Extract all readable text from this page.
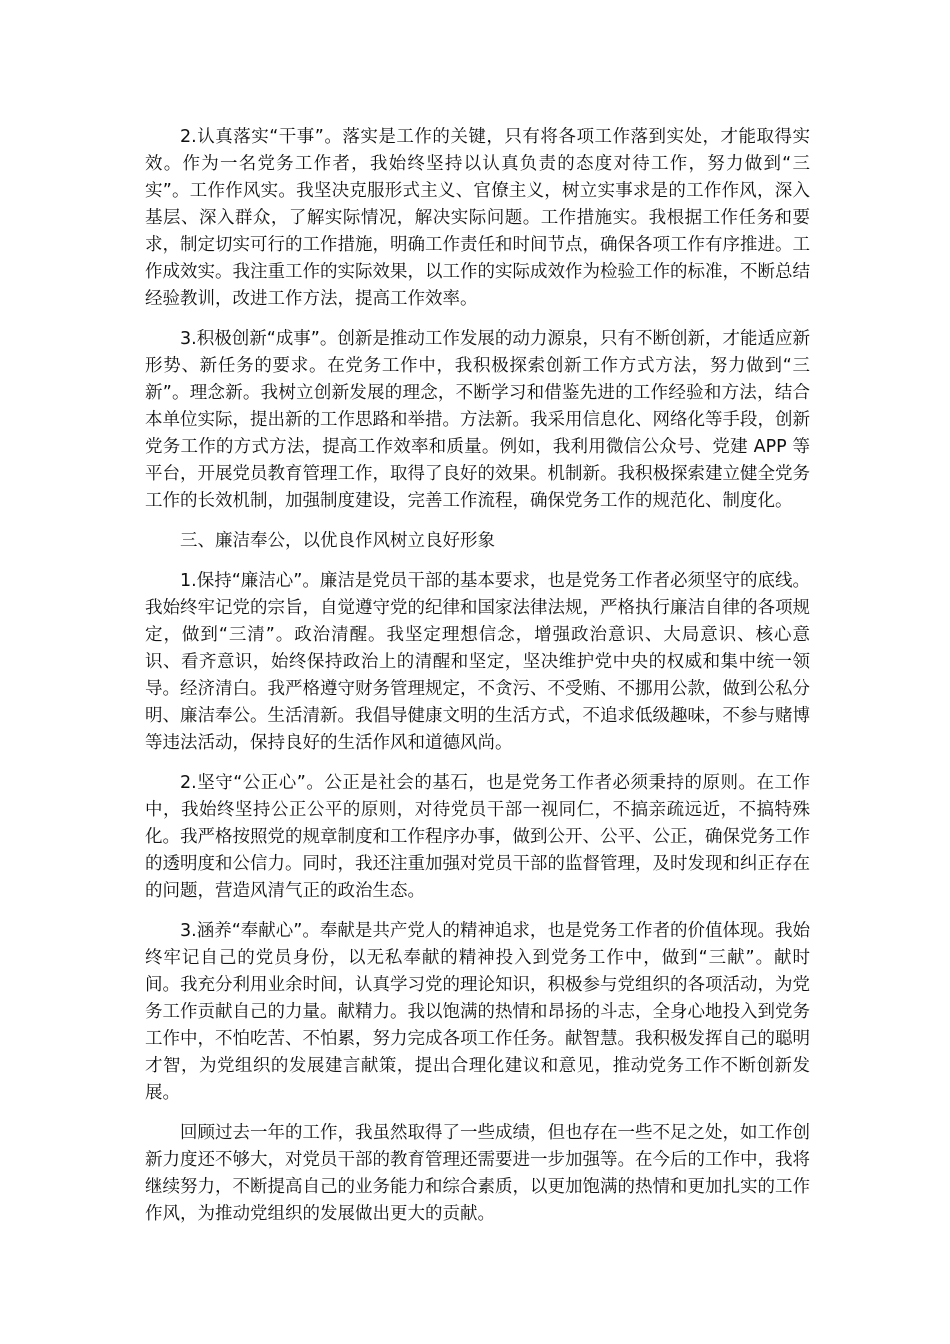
2.认真落实“干事”。落实是工作的关键，只有将各项工作落到实处，才能取得实效。作为一名党务工作者，我始终坚持以认真负责的态度对待工作，努力做到“三实”。工作作风实。我坚决克服形式主义、官僚主义，树立实事求是的工作作风，深入基层、深入群众，了解实际情况，解决实际问题。工作措施实。我根据工作任务和要求，制定切实可行的工作措施，明确工作责任和时间节点，确保各项工作有序推进。工作成效实。我注重工作的实际效果，以工作的实际成效作为检验工作的标准，不断总结经验教训，改进工作方法，提高工作效率。

3.积极创新“成事”。创新是推动工作发展的动力源泉，只有不断创新，才能适应新形势、新任务的要求。在党务工作中，我积极探索创新工作方式方法，努力做到“三新”。理念新。我树立创新发展的理念，不断学习和借鉴先进的工作经验和方法，结合本单位实际，提出新的工作思路和举措。方法新。我采用信息化、网络化等手段，创新党务工作的方式方法，提高工作效率和质量。例如，我利用微信公众号、党建 APP 等平台，开展党员教育管理工作，取得了良好的效果。机制新。我积极探索建立健全党务工作的长效机制，加强制度建设，完善工作流程，确保党务工作的规范化、制度化。

三、廉洁奉公，以优良作风树立良好形象

1.保持“廉洁心”。廉洁是党员干部的基本要求，也是党务工作者必须坚守的底线。我始终牢记党的宗旨，自觉遵守党的纪律和国家法律法规，严格执行廉洁自律的各项规定，做到“三清”。政治清醒。我坚定理想信念，增强政治意识、大局意识、核心意识、看齐意识，始终保持政治上的清醒和坚定，坚决维护党中央的权威和集中统一领导。经济清白。我严格遵守财务管理规定，不贪污、不受贿、不挪用公款，做到公私分明、廉洁奉公。生活清新。我倡导健康文明的生活方式，不追求低级趣味，不参与赌博等违法活动，保持良好的生活作风和道德风尚。

2.坚守“公正心”。公正是社会的基石，也是党务工作者必须秉持的原则。在工作中，我始终坚持公正公平的原则，对待党员干部一视同仁，不搞亲疏远近，不搞特殊化。我严格按照党的规章制度和工作程序办事，做到公开、公平、公正，确保党务工作的透明度和公信力。同时，我还注重加强对党员干部的监督管理，及时发现和纠正存在的问题，营造风清气正的政治生态。

3.涵养“奉献心”。奉献是共产党人的精神追求，也是党务工作者的价值体现。我始终牢记自己的党员身份，以无私奉献的精神投入到党务工作中，做到“三献”。献时间。我充分利用业余时间，认真学习党的理论知识，积极参与党组织的各项活动，为党务工作贡献自己的力量。献精力。我以饱满的热情和昂扬的斗志，全身心地投入到党务工作中，不怕吃苦、不怕累，努力完成各项工作任务。献智慧。我积极发挥自己的聪明才智，为党组织的发展建言献策，提出合理化建议和意见，推动党务工作不断创新发展。

回顾过去一年的工作，我虽然取得了一些成绩，但也存在一些不足之处，如工作创新力度还不够大，对党员干部的教育管理还需要进一步加强等。在今后的工作中，我将继续努力，不断提高自己的业务能力和综合素质，以更加饱满的热情和更加扎实的工作作风，为推动党组织的发展做出更大的贡献。
